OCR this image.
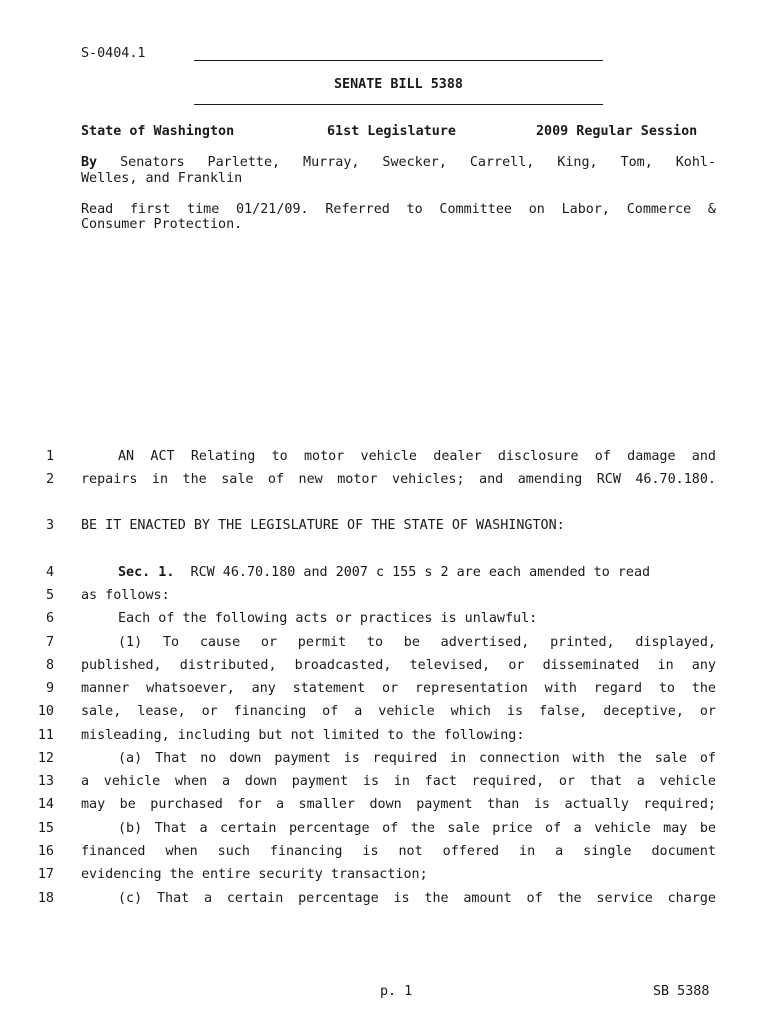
S-0404.1
SENATE BILL 5388
State of Washington	61st Legislature	2009 Regular Session
By Senators Parlette, Murray, Swecker, Carrell, King, Tom, Kohl-
Welles, and Franklin
Read first time 01/21/09. Referred to Committee on Labor, Commerce &
Consumer Protection.
1	AN ACT Relating to motor vehicle dealer disclosure of damage and
2 repairs in the sale of new motor vehicles; and amending RCW 46.70.180.
3 BE IT ENACTED BY THE LEGISLATURE OF THE STATE OF WASHINGTON:
4	Sec. 1.  RCW 46.70.180 and 2007 c 155 s 2 are each amended to read
5 as follows:
6	Each of the following acts or practices is unlawful:
7	(1) To cause or permit to be advertised, printed, displayed,
8 published, distributed, broadcasted, televised, or disseminated in any
9 manner whatsoever, any statement or representation with regard to the
10 sale, lease, or financing of a vehicle which is false, deceptive, or
11 misleading, including but not limited to the following:
12	(a) That no down payment is required in connection with the sale of
13 a vehicle when a down payment is in fact required, or that a vehicle
14 may be purchased for a smaller down payment than is actually required;
15	(b) That a certain percentage of the sale price of a vehicle may be
16 financed when such financing is not offered in a single document
17 evidencing the entire security transaction;
18	(c) That a certain percentage is the amount of the service charge
p. 1	SB 5388
